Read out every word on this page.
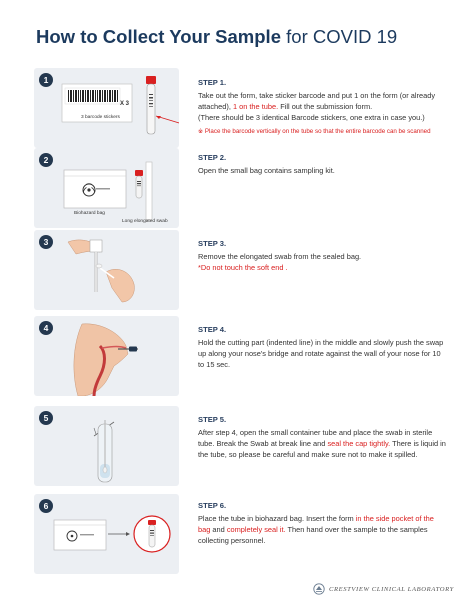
How to Collect Your Sample for COVID 19
X 3
3 barcode stickers
1	STEP 1.
Take out the form, take sticker barcode and put 1 on the form (or already attached), 1 on the tube. Fill out the submission form.
(There should be 3 identical Barcode stickers, one extra in case you.)
※ Place the barcode vertically on the tube so that the entire barcode can be scanned
Biohazard bag
Long elongated swab
2	STEP 2.
Open the small bag contains sampling kit.
3	STEP 3.
Remove the elongated swab from the sealed bag.
*Do not touch the soft end .
4	STEP 4.
Hold the cutting part (indented line) in the middle and slowly push the swap up along your nose's bridge and rotate against the wall of your nose for 10 to 15 sec.
5	STEP 5.
After step 4, open the small container tube and place the swab in sterile tube. Break the Swab at break line and seal the cap tightly. There is liquid in the tube, so please be careful and make sure not to make it spilled.
6	STEP 6.
Place the tube in biohazard bag. Insert the form in the side pocket of the bag and completely seal it. Then hand over the sample to the samples collecting personnel.
CRESTVIEW CLINICAL LABORATORY
